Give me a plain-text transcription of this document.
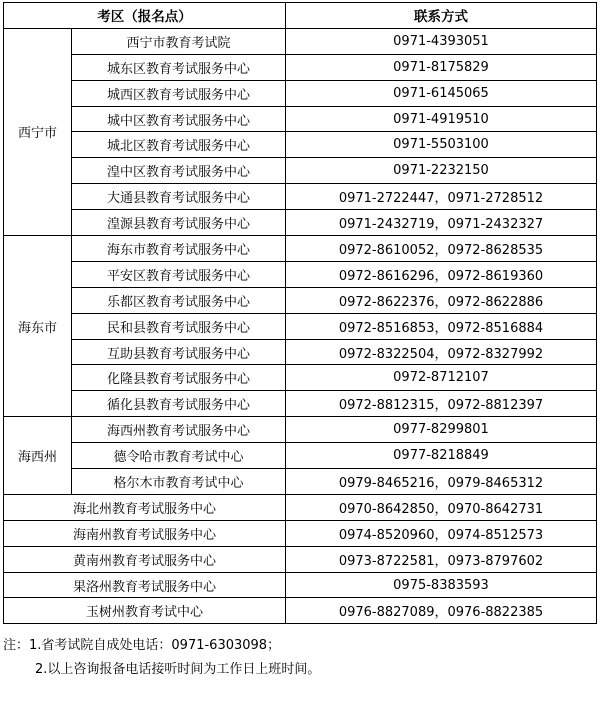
考区（报名点）		联系方式
西宁市	西宁市教育考试院	0971-4393051
	城东区教育考试服务中心	0971-8175829
	城西区教育考试服务中心	0971-6145065
	城中区教育考试服务中心	0971-4919510
	城北区教育考试服务中心	0971-5503100
	湟中区教育考试服务中心	0971-2232150
	大通县教育考试服务中心	0971-2722447，0971-2728512
	湟源县教育考试服务中心	0971-2432719，0971-2432327
海东市	海东市教育考试服务中心	0972-8610052，0972-8628535
	平安区教育考试服务中心	0972-8616296，0972-8619360
	乐都区教育考试服务中心	0972-8622376，0972-8622886
	民和县教育考试服务中心	0972-8516853，0972-8516884
	互助县教育考试服务中心	0972-8322504，0972-8327992
	化隆县教育考试服务中心	0972-8712107
	循化县教育考试服务中心	0972-8812315，0972-8812397
海西州	海西州教育考试服务中心	0977-8299801
	德令哈市教育考试中心	0977-8218849
	格尔木市教育考试中心	0979-8465216，0979-8465312
海北州教育考试服务中心		0970-8642850，0970-8642731
海南州教育考试服务中心		0974-8520960，0974-8512573
黄南州教育考试服务中心		0973-8722581，0973-8797602
果洛州教育考试服务中心		0975-8383593
玉树州教育考试中心		0976-8827089，0976-8822385
注：1.省考试院自成处电话：0971-6303098；
2.以上咨询报备电话接听时间为工作日上班时间。
